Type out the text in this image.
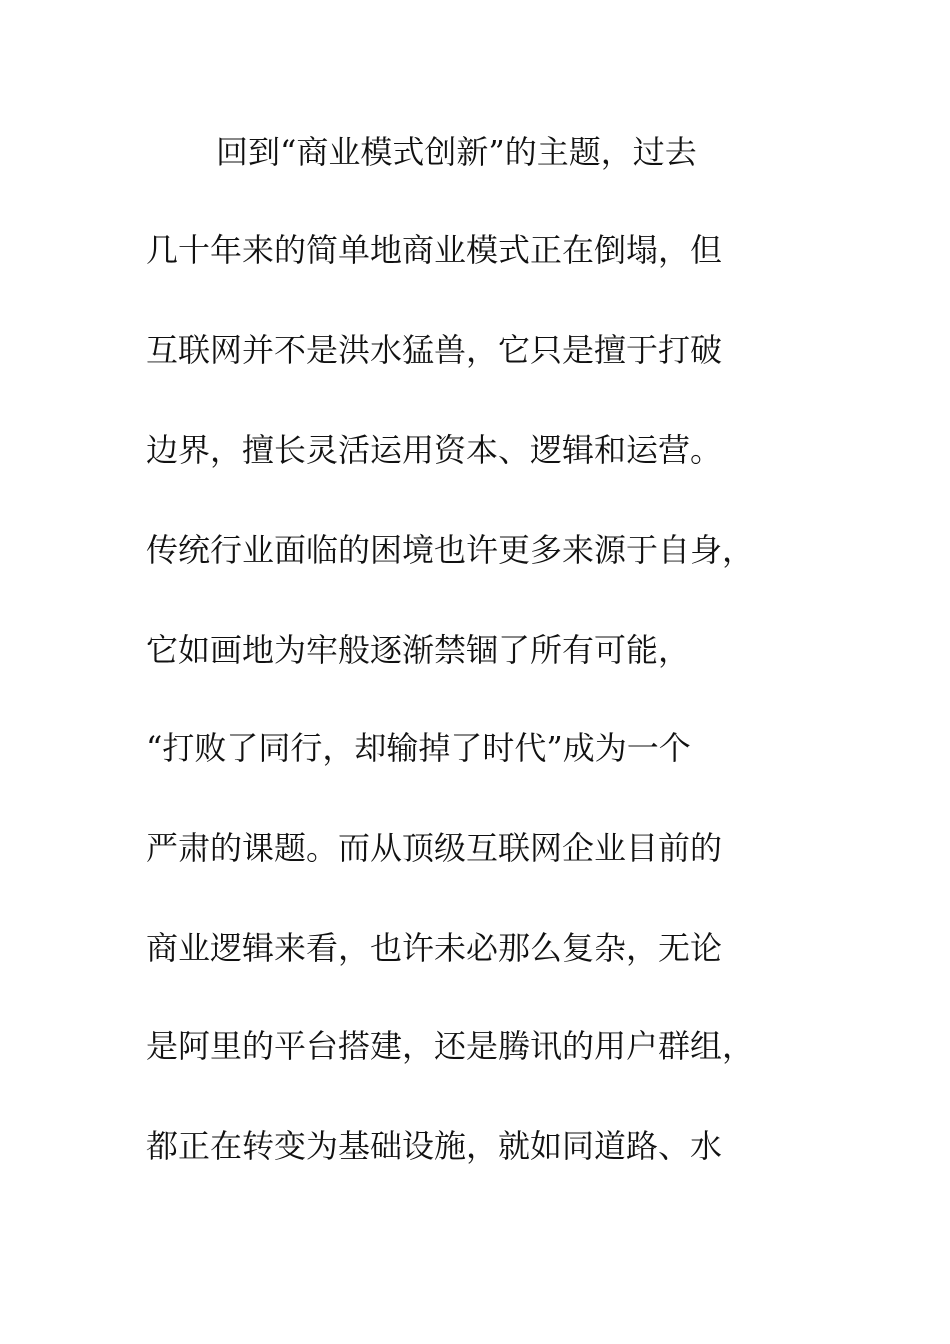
回到“商业模式创新”的主题，过去
几十年来的简单地商业模式正在倒塌，但
互联网并不是洪水猛兽，它只是擅于打破
边界，擅长灵活运用资本、逻辑和运营。
传统行业面临的困境也许更多来源于自身，
它如画地为牢般逐渐禁锢了所有可能，
“打败了同行，却输掉了时代”成为一个
严肃的课题。而从顶级互联网企业目前的
商业逻辑来看，也许未必那么复杂，无论
是阿里的平台搭建，还是腾讯的用户群组，
都正在转变为基础设施，就如同道路、水
